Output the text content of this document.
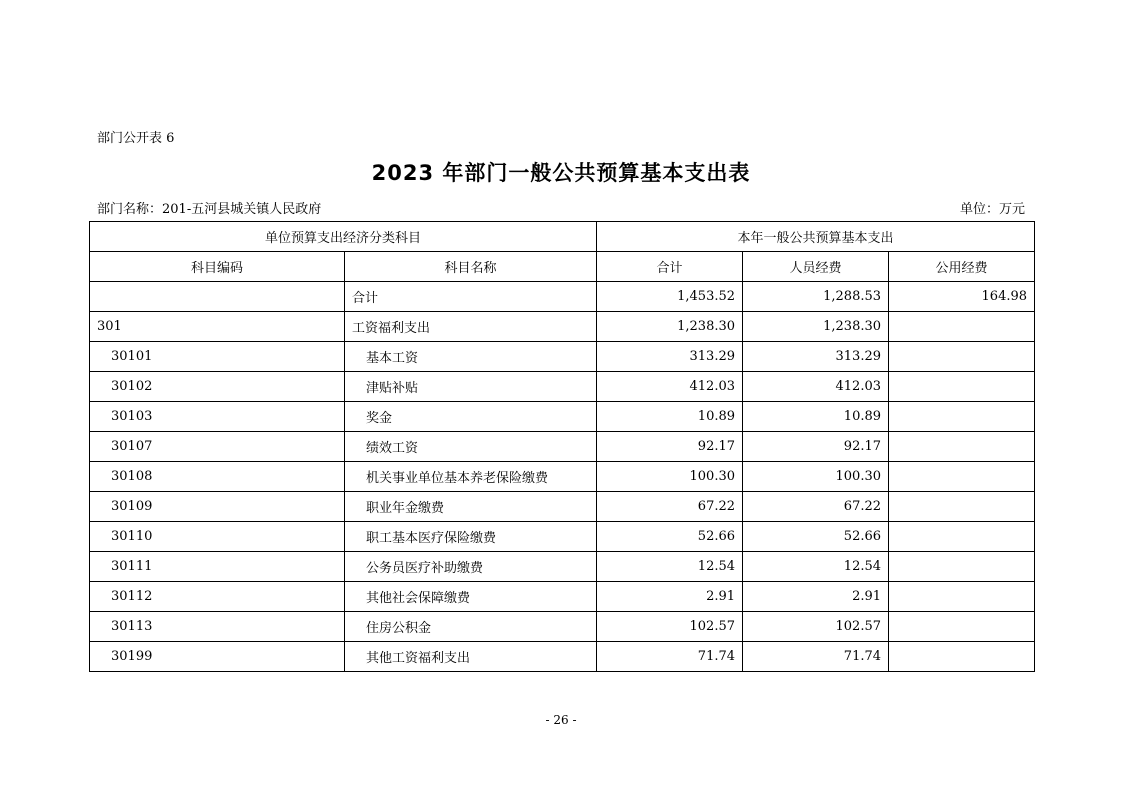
部门公开表 6
2023 年部门一般公共预算基本支出表
部门名称：201-五河县城关镇人民政府	单位：万元
单位预算支出经济分类科目		本年一般公共预算基本支出		
科目编码	科目名称	合计	人员经费	公用经费
	合计	1,453.52	1,288.53	164.98
301	工资福利支出	1,238.30	1,238.30	
30101	基本工资	313.29	313.29	
30102	津贴补贴	412.03	412.03	
30103	奖金	10.89	10.89	
30107	绩效工资	92.17	92.17	
30108	机关事业单位基本养老保险缴费	100.30	100.30	
30109	职业年金缴费	67.22	67.22	
30110	职工基本医疗保险缴费	52.66	52.66	
30111	公务员医疗补助缴费	12.54	12.54	
30112	其他社会保障缴费	2.91	2.91	
30113	住房公积金	102.57	102.57	
30199	其他工资福利支出	71.74	71.74	
- 26 -
